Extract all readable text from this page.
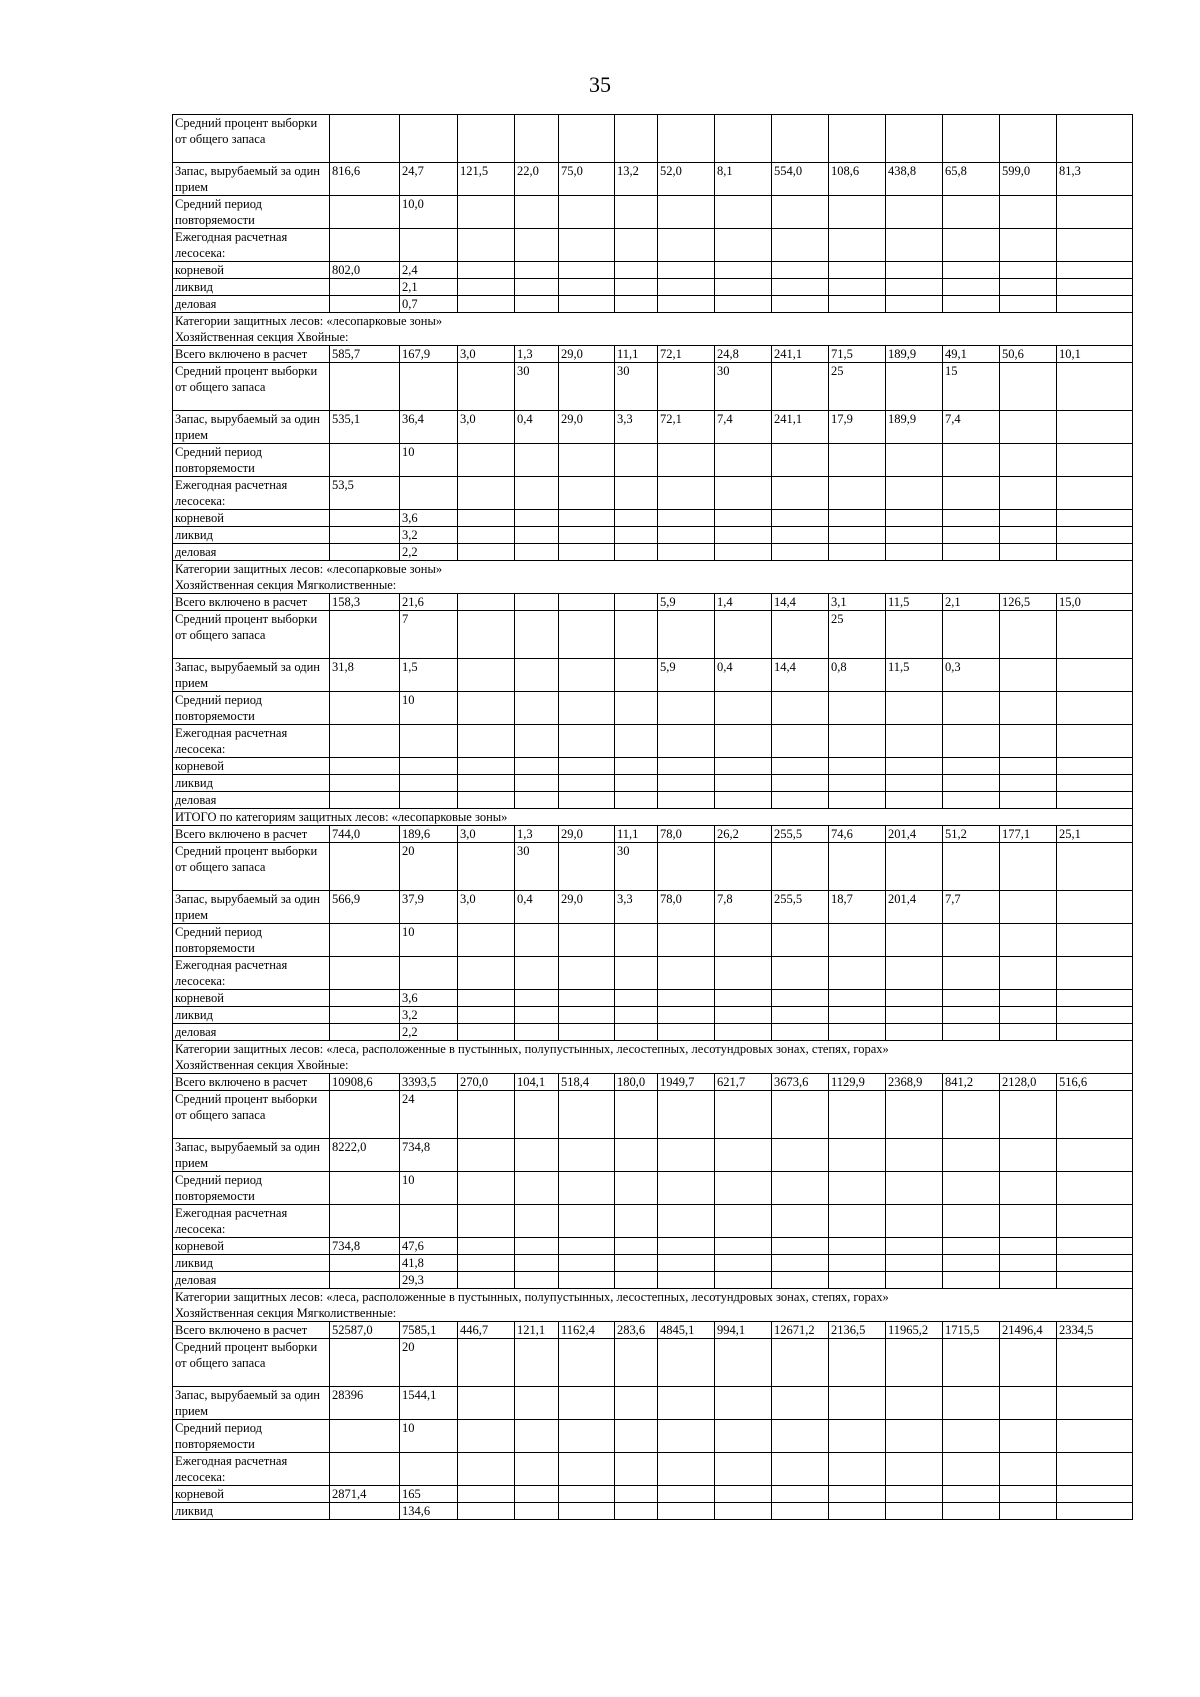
35
Средний процент выборки от общего запаса														
Запас, вырубаемый за один прием	816,6	24,7	121,5	22,0	75,0	13,2	52,0	8,1	554,0	108,6	438,8	65,8	599,0	81,3
Средний период повторяемости		10,0												
Ежегодная расчетная лесосека:														
корневой	802,0	2,4												
ликвид		2,1												
деловая		0,7												

Категории защитных лесов: «лесопарковые зоны»
Хозяйственная секция Хвойные:														

Всего включено в расчет	585,7	167,9	3,0	1,3	29,0	11,1	72,1	24,8	241,1	71,5	189,9	49,1	50,6	10,1
Средний процент выборки от общего запаса				30		30		30		25		15		
Запас, вырубаемый за один прием	535,1	36,4	3,0	0,4	29,0	3,3	72,1	7,4	241,1	17,9	189,9	7,4		
Средний период повторяемости		10												
Ежегодная расчетная лесосека:	53,5													
корневой		3,6												
ликвид		3,2												
деловая		2,2												

Категории защитных лесов: «лесопарковые зоны»
Хозяйственная секция Мягколиственные:														

Всего включено в расчет	158,3	21,6					5,9	1,4	14,4	3,1	11,5	2,1	126,5	15,0
Средний процент выборки от общего запаса		7								25				
Запас, вырубаемый за один прием	31,8	1,5					5,9	0,4	14,4	0,8	11,5	0,3		
Средний период повторяемости		10												
Ежегодная расчетная лесосека:														
корневой														
ликвид														
деловая														

ИТОГО по категориям защитных лесов: «лесопарковые зоны»														

Всего включено в расчет	744,0	189,6	3,0	1,3	29,0	11,1	78,0	26,2	255,5	74,6	201,4	51,2	177,1	25,1
Средний процент выборки от общего запаса		20		30		30								
Запас, вырубаемый за один прием	566,9	37,9	3,0	0,4	29,0	3,3	78,0	7,8	255,5	18,7	201,4	7,7		
Средний период повторяемости		10												
Ежегодная расчетная лесосека:														
корневой		3,6												
ликвид		3,2												
деловая		2,2												

Категории защитных лесов: «леса, расположенные в пустынных, полупустынных, лесостепных, лесотундровых зонах, степях, горах»
Хозяйственная секция Хвойные:														

Всего включено в расчет	10908,6	3393,5	270,0	104,1	518,4	180,0	1949,7	621,7	3673,6	1129,9	2368,9	841,2	2128,0	516,6
Средний процент выборки от общего запаса		24												
Запас, вырубаемый за один прием	8222,0	734,8												
Средний период повторяемости		10												
Ежегодная расчетная лесосека:														
корневой	734,8	47,6												
ликвид		41,8												
деловая		29,3												

Категории защитных лесов: «леса, расположенные в пустынных, полупустынных, лесостепных, лесотундровых зонах, степях, горах»
Хозяйственная секция Мягколиственные:														

Всего включено в расчет	52587,0	7585,1	446,7	121,1	1162,4	283,6	4845,1	994,1	12671,2	2136,5	11965,2	1715,5	21496,4	2334,5
Средний процент выборки от общего запаса		20												
Запас, вырубаемый за один прием	28396	1544,1												
Средний период повторяемости		10												
Ежегодная расчетная лесосека:														
корневой	2871,4	165												
ликвид		134,6												
